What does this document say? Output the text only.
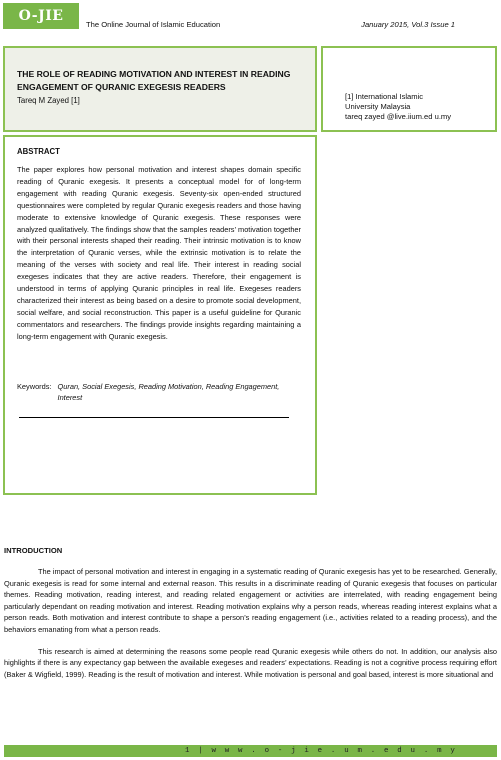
O-JIE
The Online Journal of Islamic Education	January 2015, Vol.3 Issue 1

THE ROLE OF READING MOTIVATION AND INTEREST IN READING ENGAGEMENT OF QURANIC EXEGESIS READERS

Tareq M Zayed [1]	[1] International Islamic
University Malaysia
tareq zayed @live.iium.ed u.my
ABSTRACT

The paper explores how personal motivation and interest shapes domain specific reading of Quranic exegesis. It presents a conceptual model for of long-term engagement with reading Quranic exegesis. Seventy-six open-ended structured questionnaires were completed by regular Quranic exegesis readers and those having moderate to extensive knowledge of Quranic exegesis. These responses were analyzed qualitatively. The findings show that the samples readers’ motivation together with their personal interests shaped their reading. Their intrinsic motivation is to know the interpretation of Quranic verses, while the extrinsic motivation is to relate the meaning of the verses with society and real life. Their interest in reading social exegeses indicates that they are active readers. Therefore, their engagement is understood in terms of applying Quranic principles in real life. Exegeses readers characterized their interest as being based on a desire to promote social development, social welfare, and social reconstruction. This paper is a useful guideline for Quranic commentators and researchers. The findings provide insights regarding maintaining a long-term engagement with Quranic exegesis.

Keywords: Quran, Social Exegesis, Reading Motivation, Reading Engagement, Interest
INTRODUCTION

The impact of personal motivation and interest in engaging in a systematic reading of Quranic exegesis has yet to be researched. Generally, Quranic exegesis is read for some internal and external reason. This results in a discriminate reading of Quranic exegesis that focuses on particular themes. Reading motivation, reading interest, and reading related engagement or activities are interrelated, with reading engagement being particularly dependant on reading motivation and interest. Reading motivation explains why a person reads, whereas reading interest explains what a person reads. Both motivation and interest contribute to shape a person’s reading engagement (i.e., activities related to a reading process), and the behaviors emanating from what a person reads.

This research is aimed at determining the reasons some people read Quranic exegesis while others do not. In addition, our analysis also highlights if there is any expectancy gap between the available exegeses and readers’ expectations. Reading is not a cognitive process requiring effort (Baker & Wigfield, 1999). Reading is the result of motivation and interest. While motivation is personal and goal based, interest is more situational and

1 | w w w . o - j i e . u m . e d u . m y
